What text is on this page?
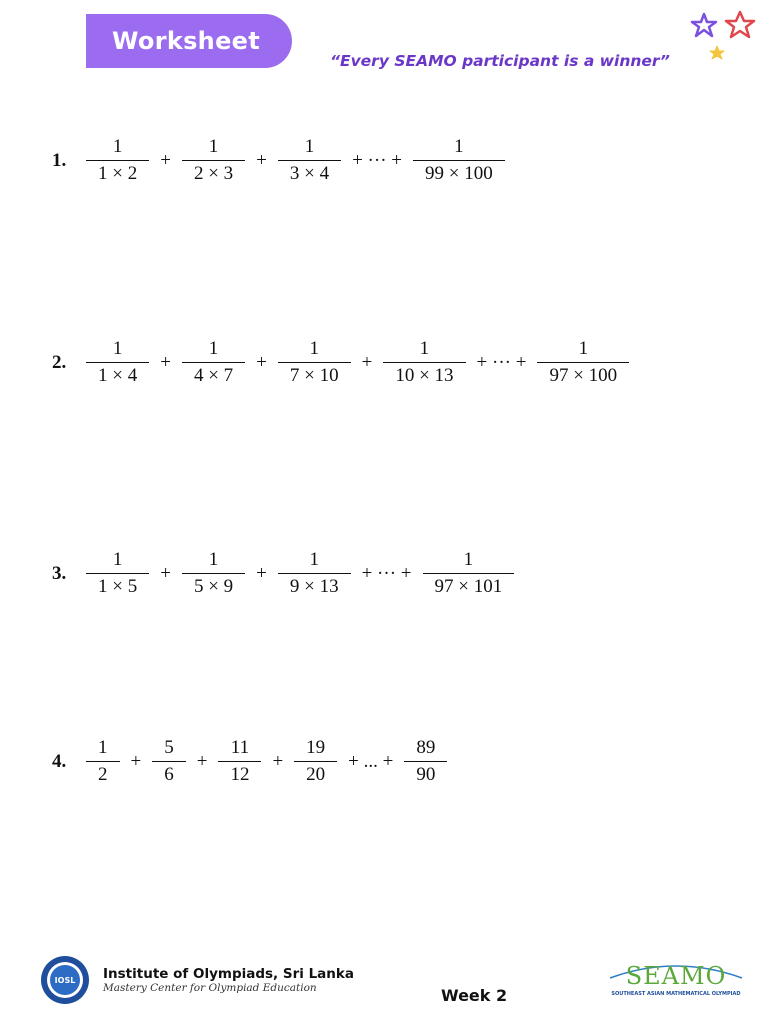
Worksheet
“Every SEAMO participant is a winner”
1.	$\frac{1}{1 \times 2} + \frac{1}{2 \times 3} + \frac{1}{3 \times 4}$ + ··· + $\frac{1}{99 \times 100}$
2.	$\frac{1}{1 \times 4} + \frac{1}{4 \times 7} + \frac{1}{7 \times 10} + \frac{1}{10 \times 13}$ + ··· + $\frac{1}{97 \times 100}$
3.	$\frac{1}{1 \times 5} + \frac{1}{5 \times 9} + \frac{1}{9 \times 13}$ + ··· + $\frac{1}{97 \times 101}$
4.	$\frac{1}{2} + \frac{5}{6} + \frac{11}{12} + \frac{19}{20}$ + ... + $\frac{89}{90}$
IOSL Institute of Olympiads, Sri Lanka
Mastery Center for Olympiad Education	Week 2
SEAMO
SOUTHEAST ASIAN MATHEMATICAL OLYMPIAD
